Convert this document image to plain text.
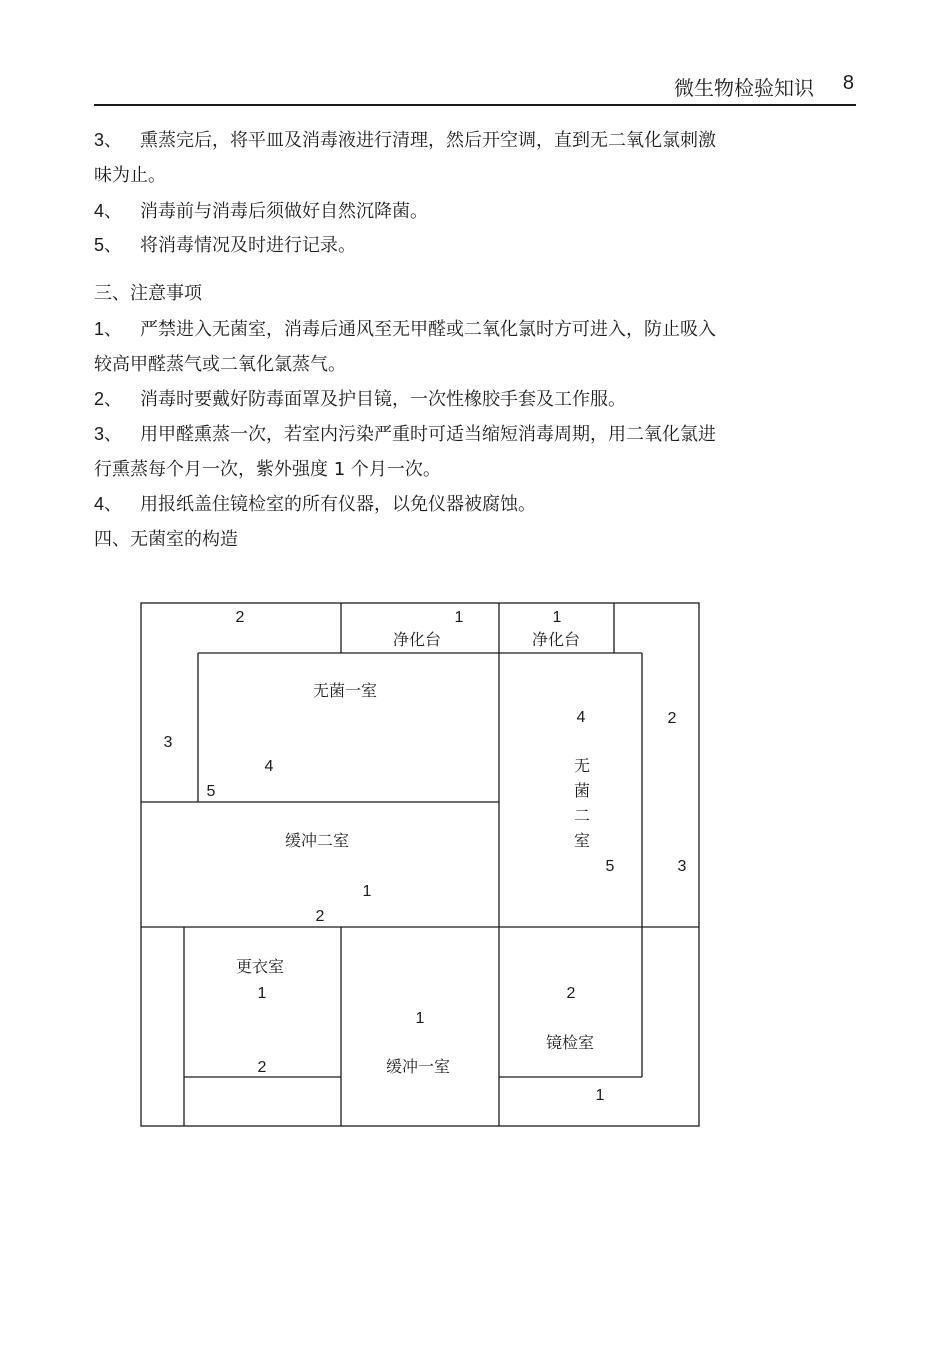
微生物检验知识 8
3、 熏蒸完后，将平皿及消毒液进行清理，然后开空调，直到无二氧化氯刺激
味为止。
4、 消毒前与消毒后须做好自然沉降菌。
5、 将消毒情况及时进行记录。
三、注意事项
1、 严禁进入无菌室，消毒后通风至无甲醛或二氧化氯时方可进入，防止吸入
较高甲醛蒸气或二氧化氯蒸气。
2、 消毒时要戴好防毒面罩及护目镜，一次性橡胶手套及工作服。
3、 用甲醛熏蒸一次，若室内污染严重时可适当缩短消毒周期，用二氧化氯进
行熏蒸每个月一次，紫外强度 1 个月一次。
4、 用报纸盖住镜检室的所有仪器，以免仪器被腐蚀。
四、无菌室的构造
2	1
净化台
1
净化台
无菌一室
3
4
5
4
无
菌
二
室
5
2
3
缓冲二室
1
2
更衣室
1
2
1
缓冲一室
2
镜检室
1
